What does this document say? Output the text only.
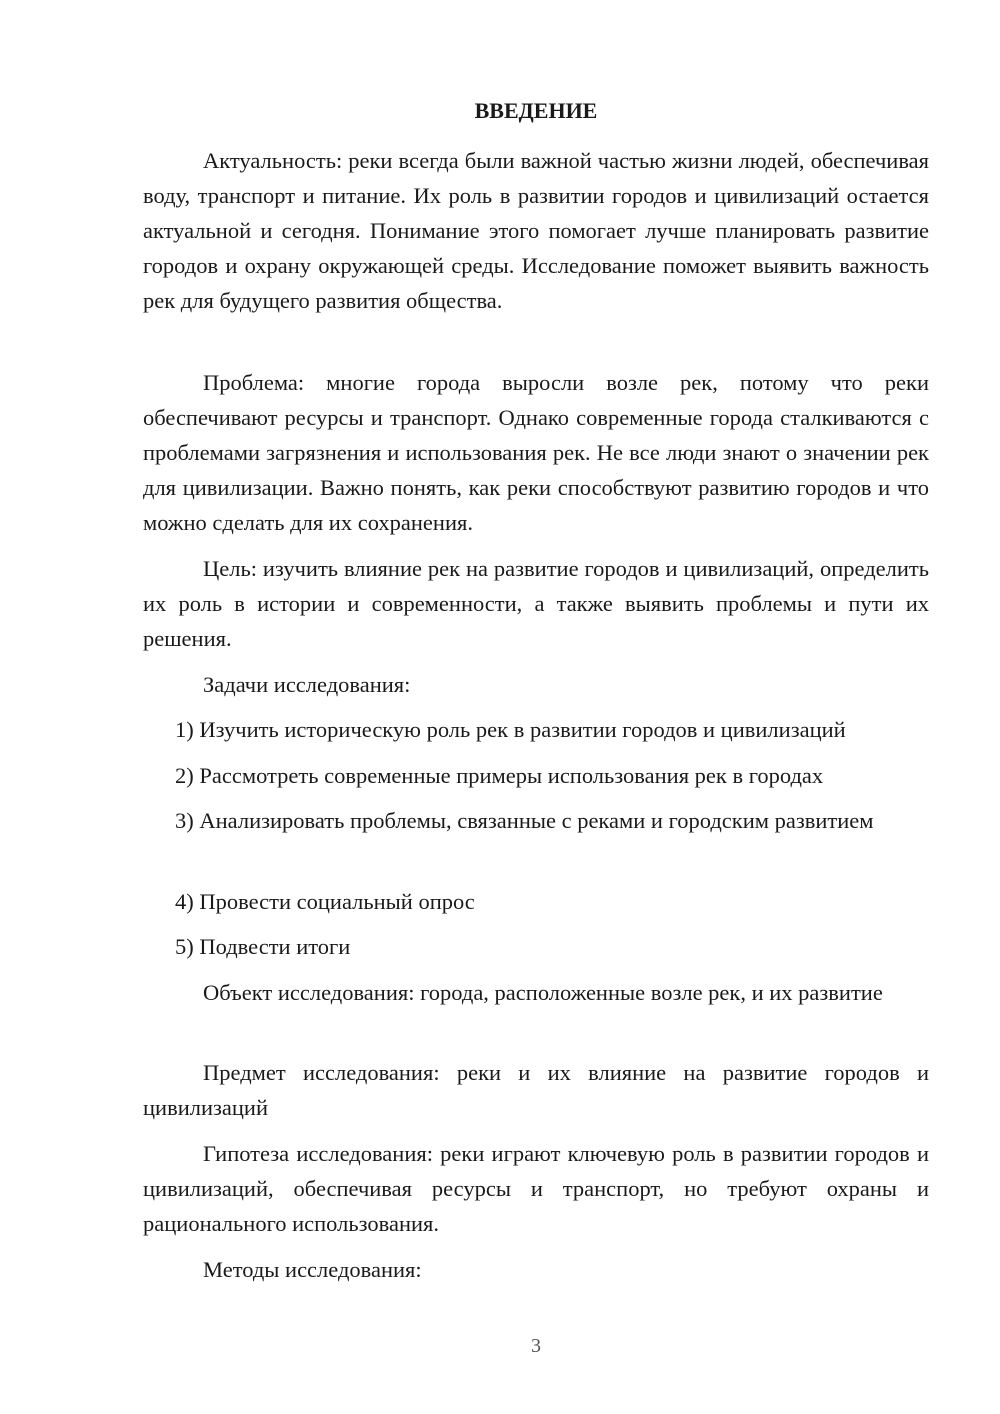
ВВЕДЕНИЕ

Актуальность: реки всегда были важной частью жизни людей, обеспечивая воду, транспорт и питание. Их роль в развитии городов и цивилизаций остается актуальной и сегодня. Понимание этого помогает лучше планировать развитие городов и охрану окружающей среды. Исследование поможет выявить важность рек для будущего развития общества.

Проблема: многие города выросли возле рек, потому что реки обеспечивают ресурсы и транспорт. Однако современные города сталкиваются с проблемами загрязнения и использования рек. Не все люди знают о значении рек для цивилизации. Важно понять, как реки способствуют развитию городов и что можно сделать для их сохранения.

Цель: изучить влияние рек на развитие городов и цивилизаций, определить их роль в истории и современности, а также выявить проблемы и пути их решения.

Задачи исследования:

1) Изучить историческую роль рек в развитии городов и цивилизаций

2) Рассмотреть современные примеры использования рек в городах

3) Анализировать проблемы, связанные с реками и городским развитием

4) Провести социальный опрос

5) Подвести итоги

Объект исследования: города, расположенные возле рек, и их развитие

Предмет исследования: реки и их влияние на развитие городов и цивилизаций

Гипотеза исследования: реки играют ключевую роль в развитии городов и цивилизаций, обеспечивая ресурсы и транспорт, но требуют охраны и рационального использования.

Методы исследования:

3
